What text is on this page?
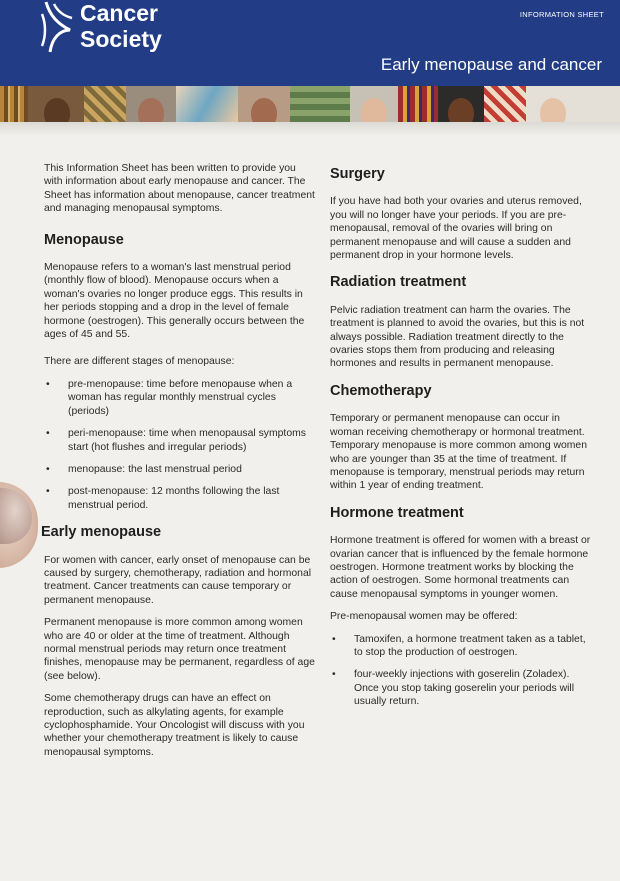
Cancer
Society
INFORMATION SHEET
Early menopause and cancer

This Information Sheet has been written to provide you with information about early menopause and cancer. The Sheet has information about menopause, cancer treatment and managing menopausal symptoms.

Menopause

Menopause refers to a woman's last menstrual period (monthly flow of blood). Menopause occurs when a woman's ovaries no longer produce eggs. This results in her periods stopping and a drop in the level of female hormone (oestrogen). This generally occurs between the ages of 45 and 55.

There are different stages of menopause:

• pre-menopause: time before menopause when a woman has regular monthly menstrual cycles (periods)
• peri-menopause: time when menopausal symptoms start (hot flushes and irregular periods)
• menopause: the last menstrual period
• post-menopause: 12 months following the last menstrual period.
Early menopause

For women with cancer, early onset of menopause can be caused by surgery, chemotherapy, radiation and hormonal treatment. Cancer treatments can cause temporary or permanent menopause.

Permanent menopause is more common among women who are 40 or older at the time of treatment. Although normal menstrual periods may return once treatment finishes, menopause may be permanent, regardless of age (see below).

Some chemotherapy drugs can have an effect on reproduction, such as alkylating agents, for example cyclophosphamide. Your Oncologist will discuss with you whether your chemotherapy treatment is likely to cause menopausal symptoms.

Surgery

If you have had both your ovaries and uterus removed, you will no longer have your periods. If you are pre-menopausal, removal of the ovaries will bring on permanent menopause and will cause a sudden and permanent drop in your hormone levels.

Radiation treatment

Pelvic radiation treatment can harm the ovaries. The treatment is planned to avoid the ovaries, but this is not always possible. Radiation treatment directly to the ovaries stops them from producing and releasing hormones and results in permanent menopause.

Chemotherapy

Temporary or permanent menopause can occur in woman receiving chemotherapy or hormonal treatment. Temporary menopause is more common among women who are younger than 35 at the time of treatment. If menopause is temporary, menstrual periods may return within 1 year of ending treatment.

Hormone treatment

Hormone treatment is offered for women with a breast or ovarian cancer that is influenced by the female hormone oestrogen. Hormone treatment works by blocking the action of oestrogen. Some hormonal treatments can cause menopausal symptoms in younger women.

Pre-menopausal women may be offered:

• Tamoxifen, a hormone treatment taken as a tablet, to stop the production of oestrogen.
• four-weekly injections with goserelin (Zoladex). Once you stop taking goserelin your periods will usually return.
